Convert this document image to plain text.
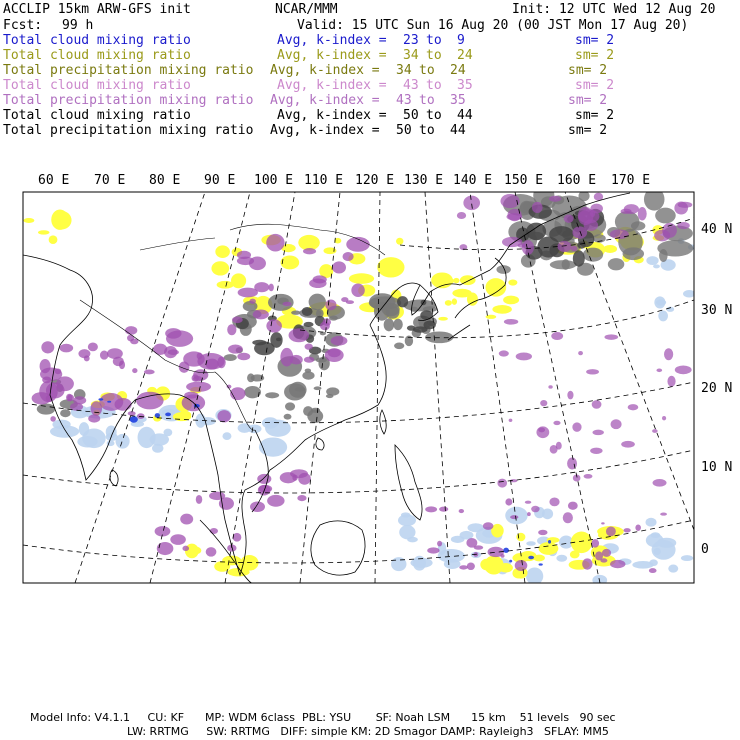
ACCLIP 15km ARW-GFS init	NCAR/MMM	Init: 12 UTC Wed 12 Aug 20
Fcst: 99 h	Valid: 15 UTC Sun 16 Aug 20 (00 JST Mon 17 Aug 20)
Total cloud mixing ratio	Avg, k-index = 23 to 9	sm= 2
Total cloud mixing ratio	Avg, k-index = 34 to 24	sm= 2
Total precipitation mixing ratio Avg, k-index = 34 to 24	sm= 2
Total cloud mixing ratio	Avg, k-index = 43 to 35	sm= 2
Total precipitation mixing ratio Avg, k-index = 43 to 35	sm= 2
Total cloud mixing ratio	Avg, k-index = 50 to 44	sm= 2
Total precipitation mixing ratio Avg, k-index = 50 to 44	sm= 2
60 E 70 E 80 E 90 E 100 E 110 E 120 E 130 E 140 E 150 E 160 E 170 E
40 N
30 N
20 N
10 N
0
Model Info: V4.1.1     CU: KF      MP: WDM 6class  PBL: YSU       SF: Noah LSM      15 km    51 levels   90 sec
LW: RRTMG     SW: RRTMG   DIFF: simple KM: 2D Smagor DAMP: Rayleigh3   SFLAY: MM5
